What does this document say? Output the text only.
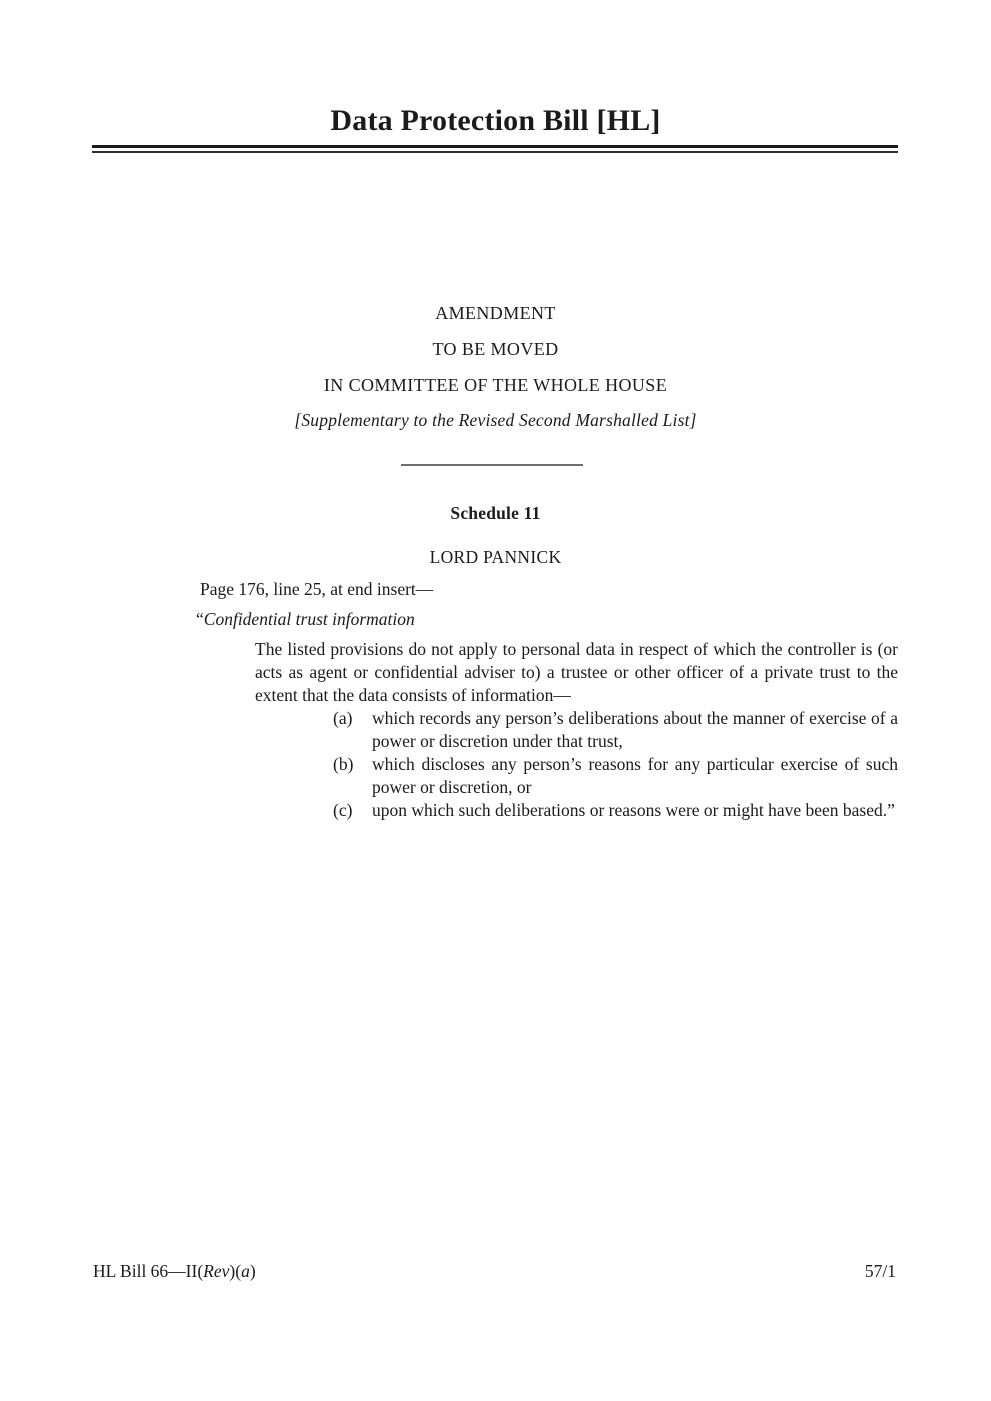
Data Protection Bill [HL]
AMENDMENT
TO BE MOVED
IN COMMITTEE OF THE WHOLE HOUSE
[Supplementary to the Revised Second Marshalled List]
Schedule 11
LORD PANNICK
Page 176, line 25, at end insert—
“Confidential trust information

The listed provisions do not apply to personal data in respect of which the controller is (or acts as agent or confidential adviser to) a trustee or other officer of a private trust to the extent that the data consists of information—

(a)	which records any person’s deliberations about the manner of exercise of a power or discretion under that trust,
(b)	which discloses any person’s reasons for any particular exercise of such power or discretion, or
(c)	upon which such deliberations or reasons were or might have been based.”
HL Bill 66—II(Rev)(a)	57/1
